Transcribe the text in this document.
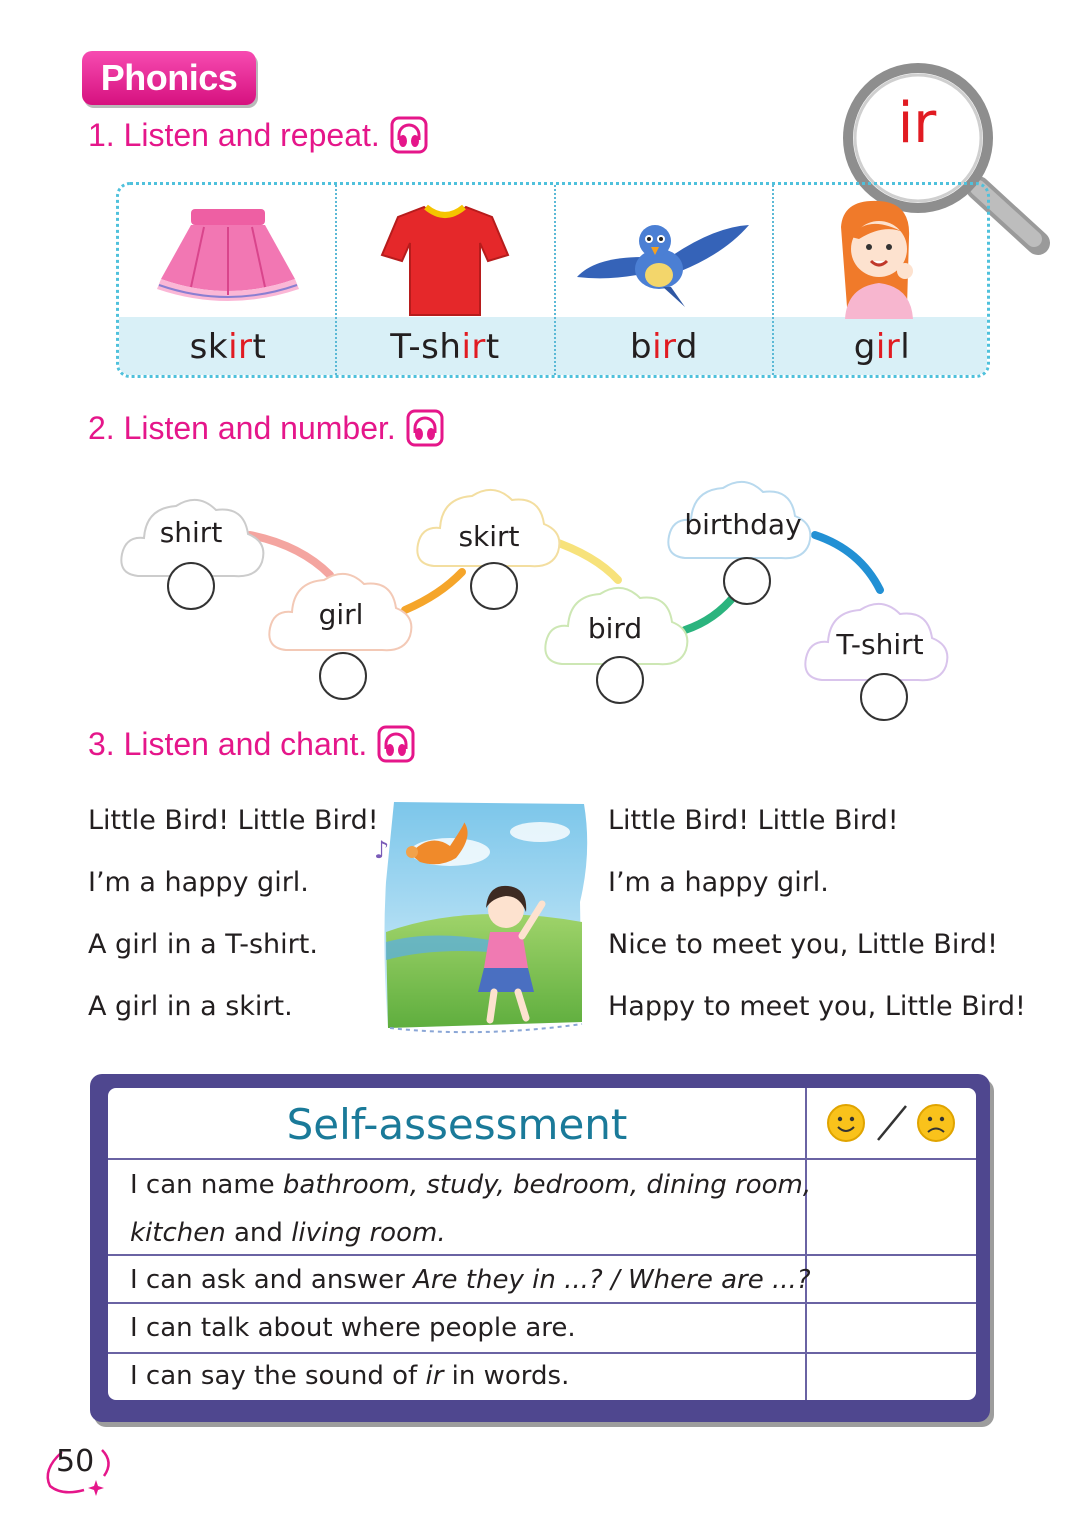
Phonics
ir
1. Listen and repeat.
skirt	T-shirt	bird	girl
2. Listen and number.
shirt
girl
skirt
bird
birthday
T-shirt
3. Listen and chant.
Little Bird! Little Bird!
I’m a happy girl.
A girl in a T-shirt.
A girl in a skirt.
♪
Little Bird! Little Bird!
I’m a happy girl.
Nice to meet you, Little Bird!
Happy to meet you, Little Bird!
Self-assessment
I can name bathroom, study, bedroom, dining room,
kitchen and living room.
I can ask and answer Are they in ...? / Where are ...?
I can talk about where people are.
I can say the sound of ir in words.
50
